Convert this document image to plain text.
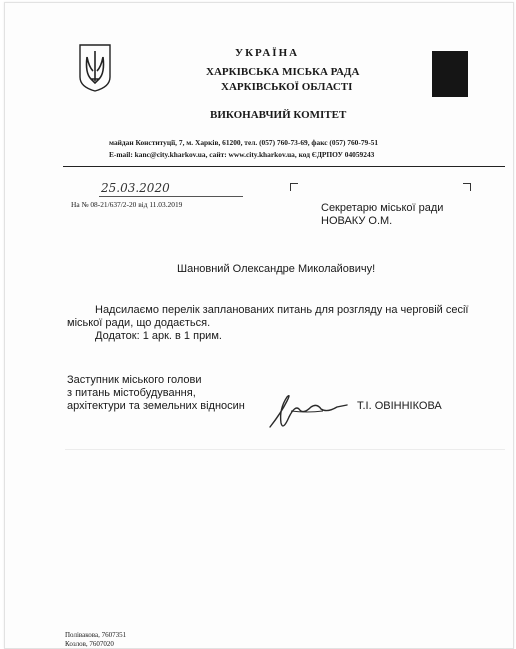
УКРАЇНА
ХАРКІВСЬКА МІСЬКА РАДА
ХАРКІВСЬКОЇ ОБЛАСТІ
ВИКОНАВЧИЙ КОМІТЕТ
майдан Конституції, 7, м. Харків, 61200, тел. (057) 760-73-69, факс (057) 760-79-51
E-mail: kanc@city.kharkov.ua, сайт: www.city.kharkov.ua, код ЄДРПОУ 04059243
25.03.2020
На № 08-21/637/2-20 від 11.03.2019	Секретарю міської ради
НОВАКУ О.М.
Шановний Олександре Миколайовичу!
Надсилаємо перелік запланованих питань для розгляду на черговій сесії
міської ради, що додається.
Додаток: 1 арк. в 1 прим.
Заступник міського голови
з питань містобудування,
архітектури та земельних відносин	Т.І. ОВІННІКОВА
Полівакова, 7607351
Козлов, 7607020
